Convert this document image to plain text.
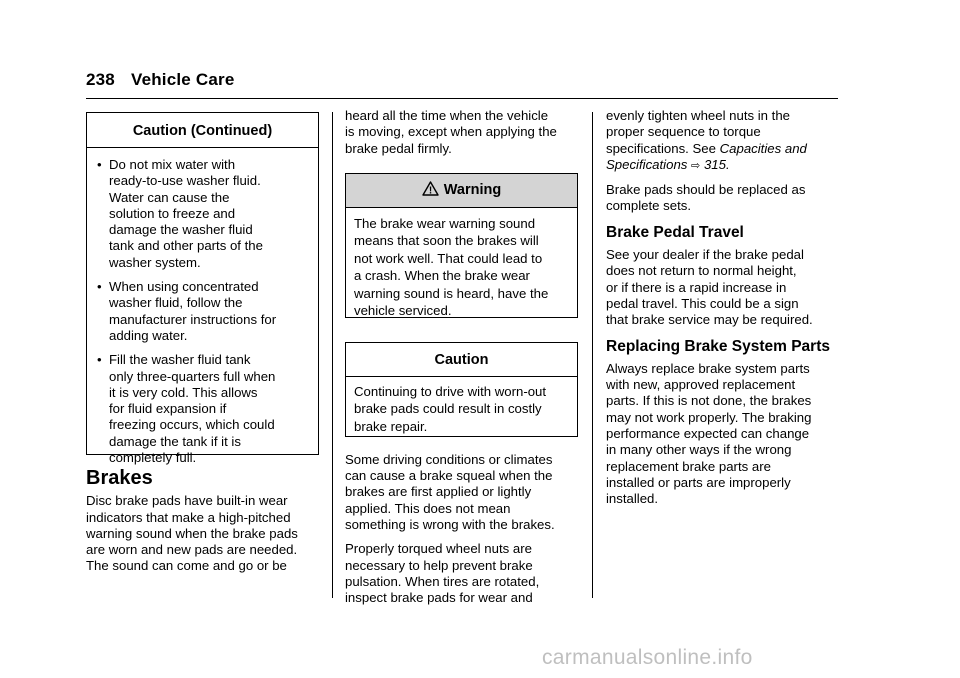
238 Vehicle Care
Caution (Continued)
• Do not mix water with

ready-to-use washer fluid.

Water can cause the

solution to freeze and

damage the washer fluid

tank and other parts of the

washer system.

• When using concentrated

washer fluid, follow the

manufacturer instructions for

adding water.

• Fill the washer fluid tank

only three-quarters full when

it is very cold. This allows

for fluid expansion if

freezing occurs, which could

damage the tank if it is

completely full.

Brakes

Disc brake pads have built-in wear

indicators that make a high-pitched

warning sound when the brake pads

are worn and new pads are needed.

The sound can come and go or be

heard all the time when the vehicle

is moving, except when applying the

brake pedal firmly.

! Warning

The brake wear warning sound

means that soon the brakes will

not work well. That could lead to

a crash. When the brake wear

warning sound is heard, have the

vehicle serviced.

Caution

Continuing to drive with worn-out

brake pads could result in costly

brake repair.

Some driving conditions or climates

can cause a brake squeal when the

brakes are first applied or lightly

applied. This does not mean

something is wrong with the brakes.

Properly torqued wheel nuts are

necessary to help prevent brake

pulsation. When tires are rotated,

inspect brake pads for wear and

evenly tighten wheel nuts in the

proper sequence to torque

specifications. See Capacities and

Specifications ⇨ 315.

Brake pads should be replaced as

complete sets.

Brake Pedal Travel

See your dealer if the brake pedal

does not return to normal height,

or if there is a rapid increase in

pedal travel. This could be a sign

that brake service may be required.

Replacing Brake System Parts

Always replace brake system parts

with new, approved replacement

parts. If this is not done, the brakes

may not work properly. The braking

performance expected can change

in many other ways if the wrong

replacement brake parts are

installed or parts are improperly

installed.

carmanualsonline.info
